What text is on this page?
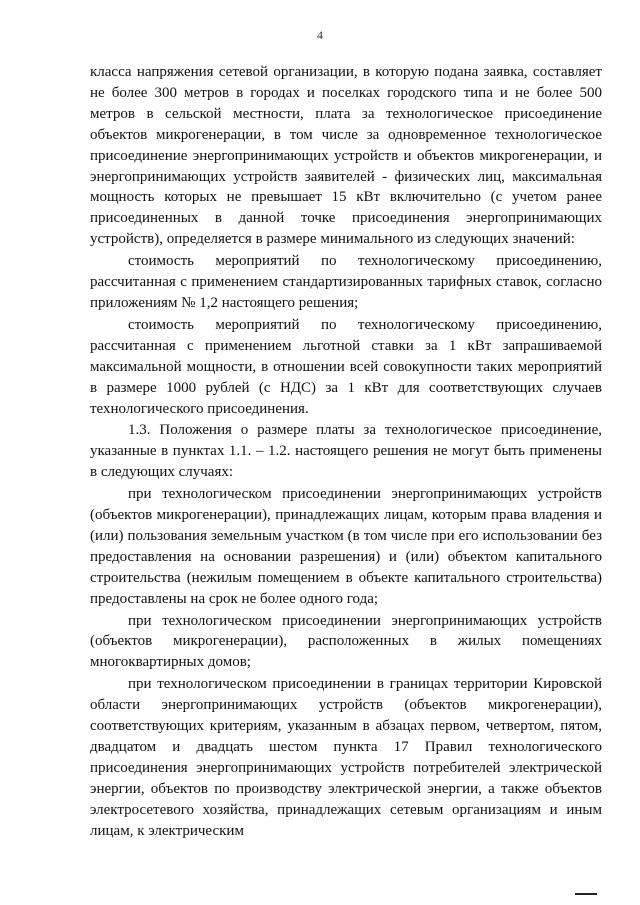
4

класса напряжения сетевой организации, в которую подана заявка, составляет не более 300 метров в городах и поселках городского типа и не более 500 метров в сельской местности, плата за технологическое присоединение объектов микрогенерации, в том числе за одновременное технологическое присоединение энергопринимающих устройств и объектов микрогенерации, и энергопринимающих устройств заявителей - физических лиц, максимальная мощность которых не превышает 15 кВт включительно (с учетом ранее присоединенных в данной точке присоединения энергопринимающих устройств), определяется в размере минимального из следующих значений:

стоимость мероприятий по технологическому присоединению, рассчитанная с применением стандартизированных тарифных ставок, согласно приложениям № 1,2 настоящего решения;

стоимость мероприятий по технологическому присоединению, рассчитанная с применением льготной ставки за 1 кВт запрашиваемой максимальной мощности, в отношении всей совокупности таких мероприятий в размере 1000 рублей (с НДС) за 1 кВт для соответствующих случаев технологического присоединения.

1.3. Положения о размере платы за технологическое присоединение, указанные в пунктах 1.1. – 1.2. настоящего решения не могут быть применены в следующих случаях:

при технологическом присоединении энергопринимающих устройств (объектов микрогенерации), принадлежащих лицам, которым права владения и (или) пользования земельным участком (в том числе при его использовании без предоставления на основании разрешения) и (или) объектом капитального строительства (нежилым помещением в объекте капитального строительства) предоставлены на срок не более одного года;

при технологическом присоединении энергопринимающих устройств (объектов микрогенерации), расположенных в жилых помещениях многоквартирных домов;

при технологическом присоединении в границах территории Кировской области энергопринимающих устройств (объектов микрогенерации), соответствующих критериям, указанным в абзацах первом, четвертом, пятом, двадцатом и двадцать шестом пункта 17 Правил технологического присоединения энергопринимающих устройств потребителей электрической энергии, объектов по производству электрической энергии, а также объектов электросетевого хозяйства, принадлежащих сетевым организациям и иным лицам, к электрическим
